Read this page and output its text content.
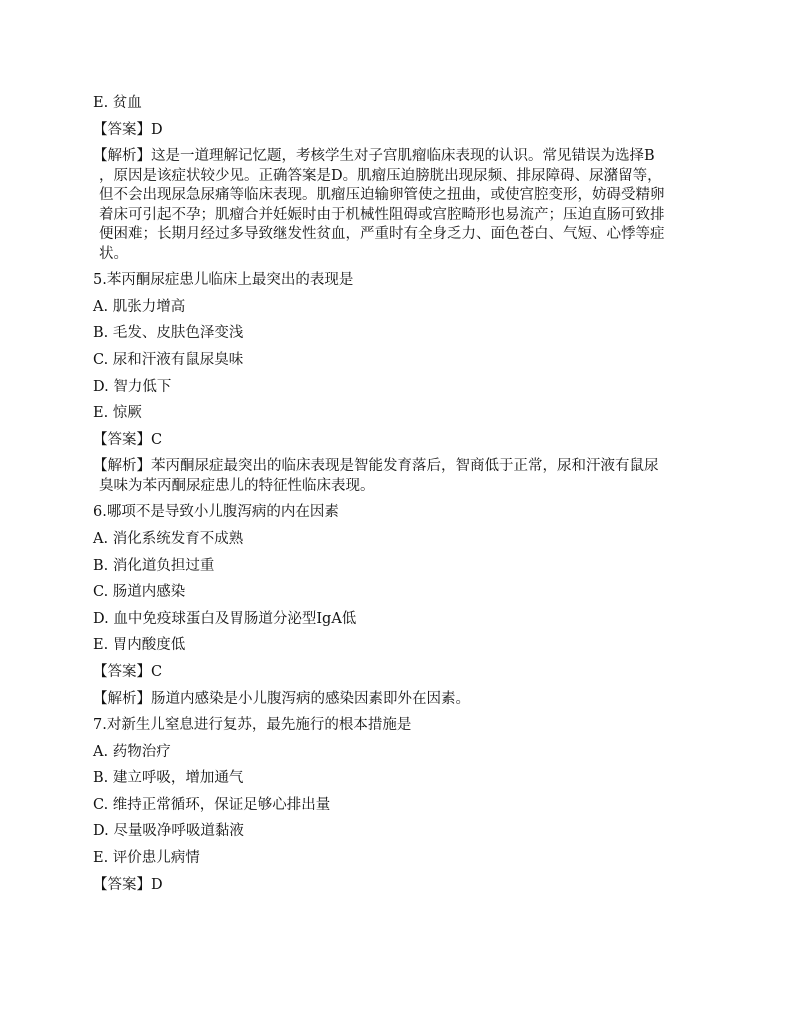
E. 贫血

【答案】D

【解析】这是一道理解记忆题，考核学生对子宫肌瘤临床表现的认识。常见错误为选择B

，原因是该症状较少见。正确答案是D。肌瘤压迫膀胱出现尿频、排尿障碍、尿潴留等，

但不会出现尿急尿痛等临床表现。肌瘤压迫输卵管使之扭曲，或使宫腔变形，妨碍受精卵

着床可引起不孕；肌瘤合并妊娠时由于机械性阻碍或宫腔畸形也易流产；压迫直肠可致排

便困难；长期月经过多导致继发性贫血，严重时有全身乏力、面色苍白、气短、心悸等症

状。

5.苯丙酮尿症患儿临床上最突出的表现是

A. 肌张力增高

B. 毛发、皮肤色泽变浅

C. 尿和汗液有鼠尿臭味

D. 智力低下

E. 惊厥

【答案】C

【解析】苯丙酮尿症最突出的临床表现是智能发育落后，智商低于正常，尿和汗液有鼠尿

臭味为苯丙酮尿症患儿的特征性临床表现。

6.哪项不是导致小儿腹泻病的内在因素

A. 消化系统发育不成熟

B. 消化道负担过重

C. 肠道内感染

D. 血中免疫球蛋白及胃肠道分泌型IgA低

E. 胃内酸度低

【答案】C

【解析】肠道内感染是小儿腹泻病的感染因素即外在因素。

7.对新生儿窒息进行复苏，最先施行的根本措施是

A. 药物治疗

B. 建立呼吸，增加通气

C. 维持正常循环，保证足够心排出量

D. 尽量吸净呼吸道黏液

E. 评价患儿病情

【答案】D
